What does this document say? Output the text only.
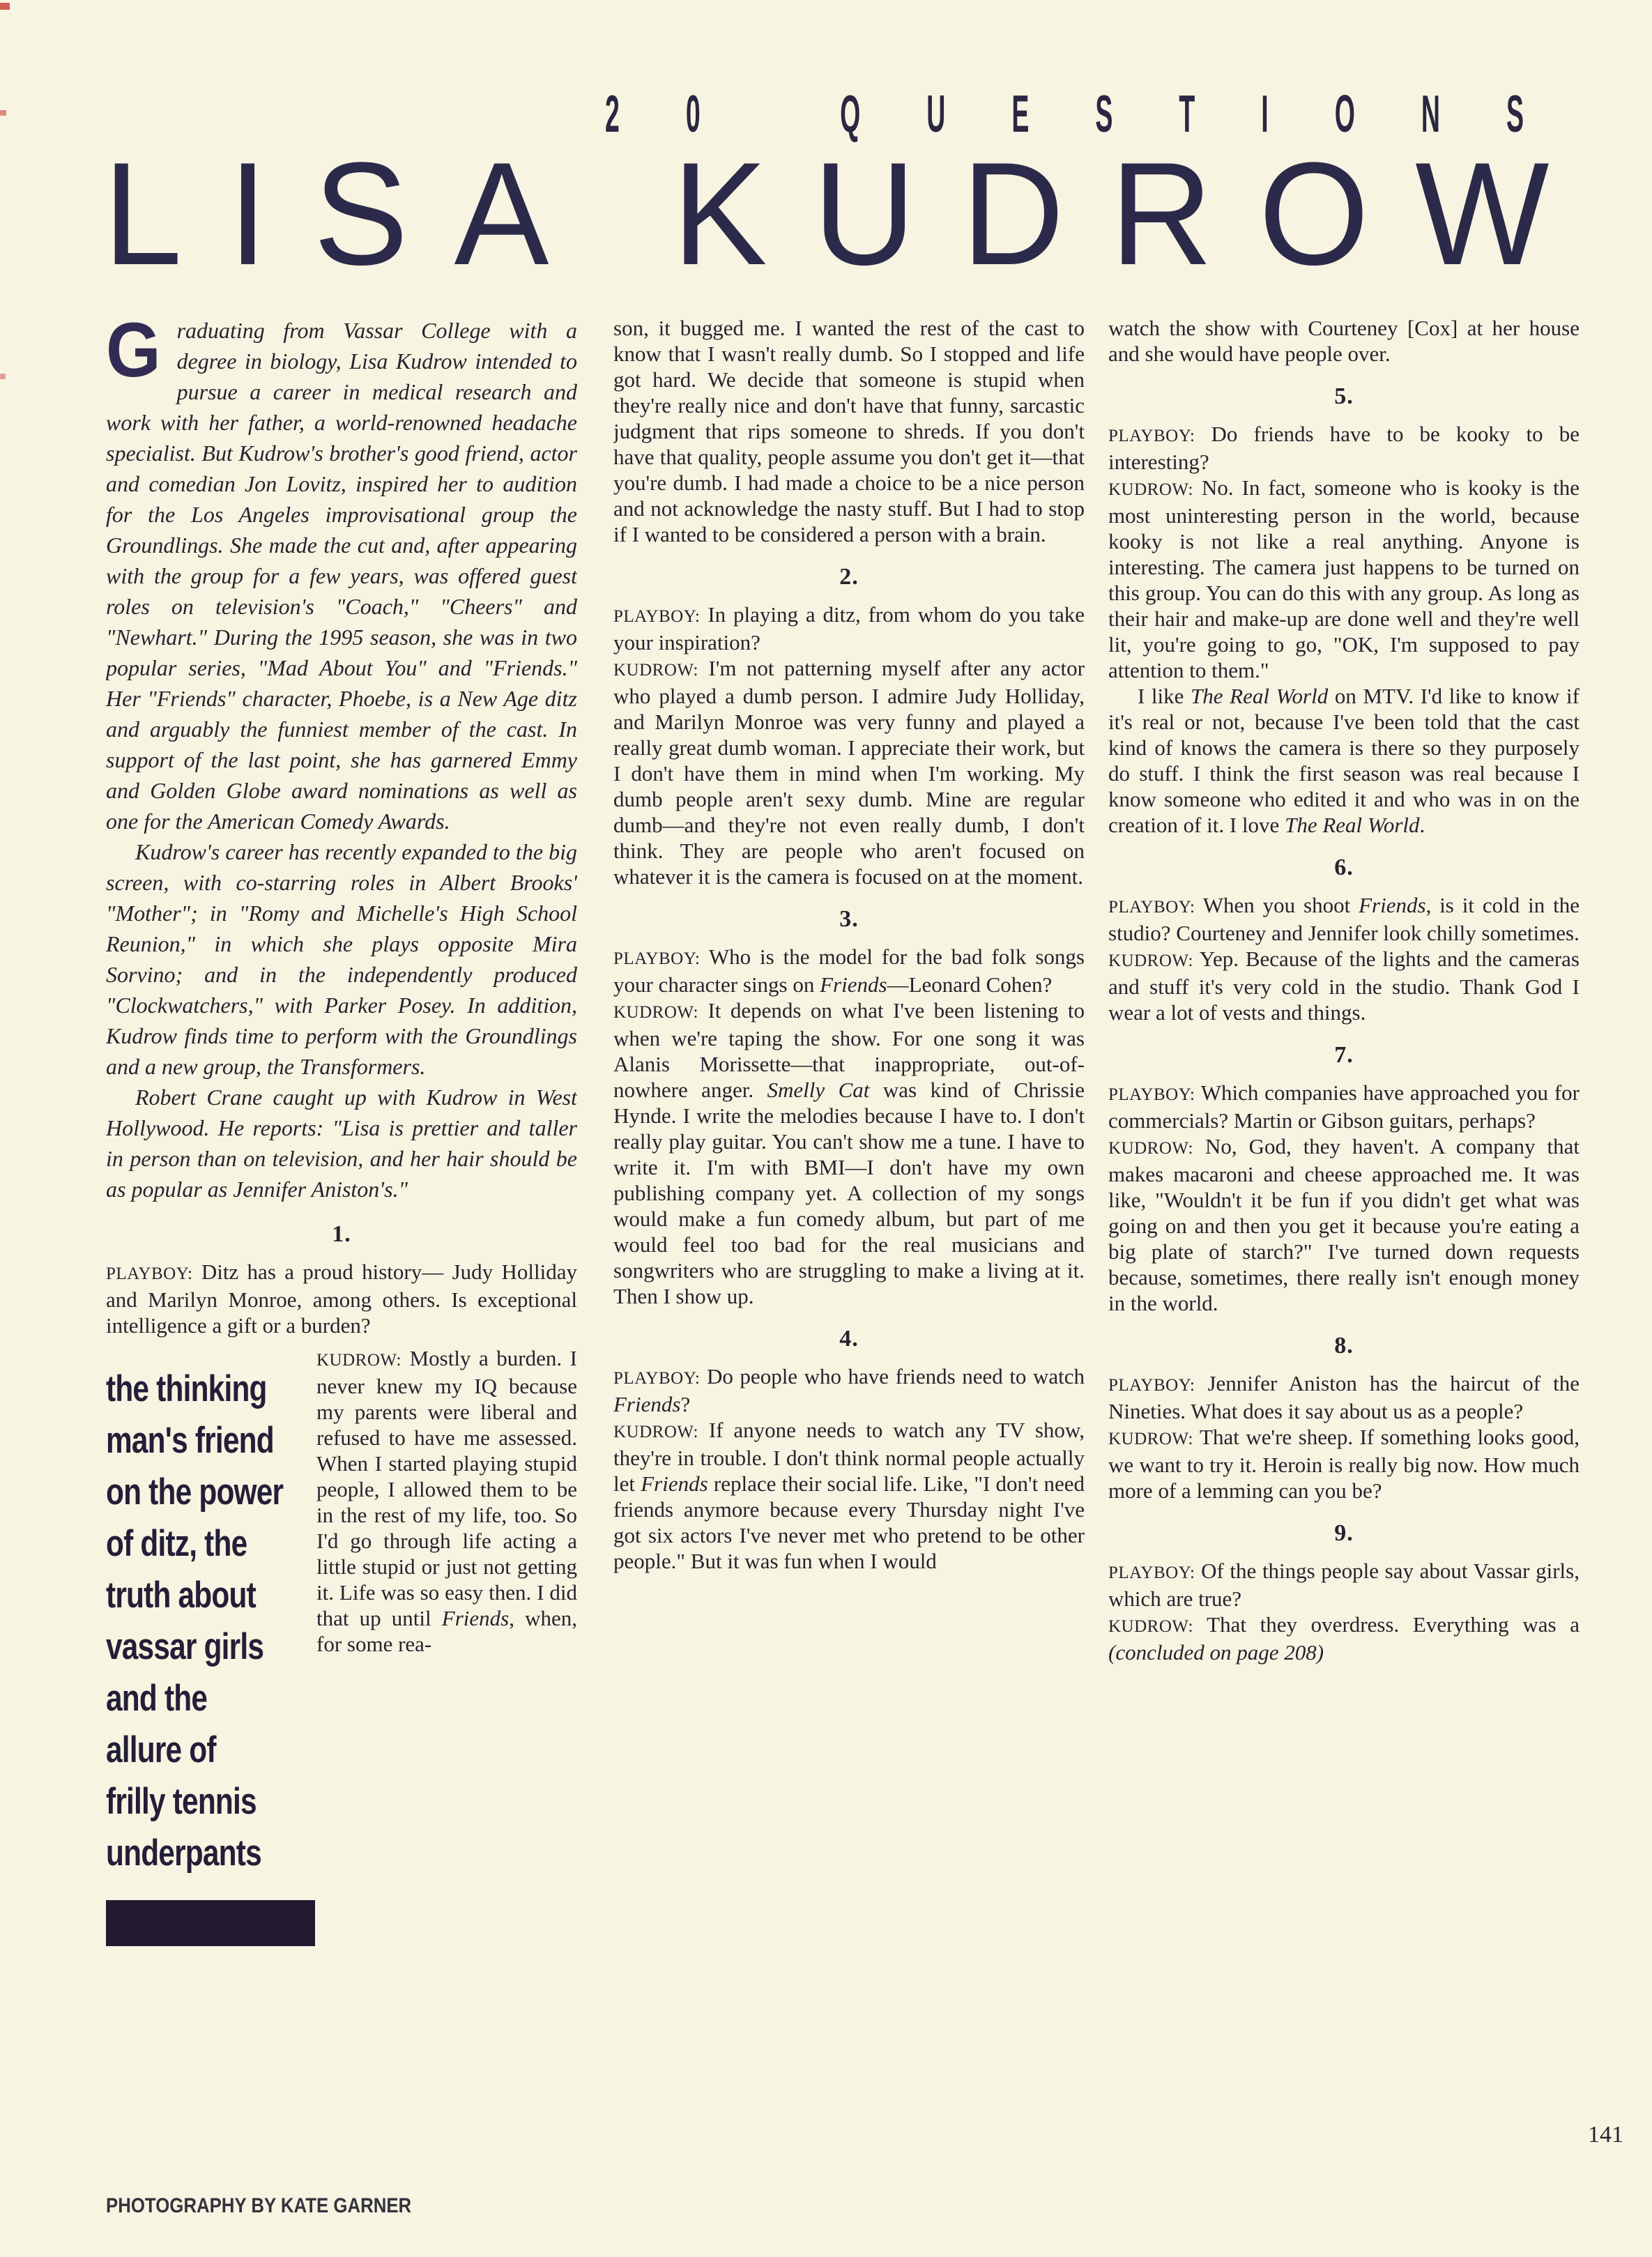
20 QUESTIONS
LISA KUDROW

Graduating from Vassar College with a degree in biology, Lisa Kudrow intended to pursue a career in medical research and work with her father, a world-renowned headache specialist. But Kudrow's brother's good friend, actor and comedian Jon Lovitz, inspired her to audition for the Los Angeles improvisational group the Groundlings. She made the cut and, after appearing with the group for a few years, was offered guest roles on television's "Coach," "Cheers" and "Newhart." During the 1995 season, she was in two popular series, "Mad About You" and "Friends." Her "Friends" character, Phoebe, is a New Age ditz and arguably the funniest member of the cast. In support of the last point, she has garnered Emmy and Golden Globe award nominations as well as one for the American Comedy Awards.

Kudrow's career has recently expanded to the big screen, with co-starring roles in Albert Brooks' "Mother"; in "Romy and Michelle's High School Reunion," in which she plays opposite Mira Sorvino; and in the independently produced "Clockwatchers," with Parker Posey. In addition, Kudrow finds time to perform with the Groundlings and a new group, the Transformers.

Robert Crane caught up with Kudrow in West Hollywood. He reports: "Lisa is prettier and taller in person than on television, and her hair should be as popular as Jennifer Aniston's."

1.

PLAYBOY: Ditz has a proud history— Judy Holliday and Marilyn Monroe, among others. Is exceptional intelligence a gift or a burden?

the thinking
man's friend
on the power
of ditz, the
truth about
vassar girls
and the
allure of
frilly tennis
underpants

KUDROW: Mostly a burden. I never knew my IQ because my parents were liberal and refused to have me assessed. When I started playing stupid people, I allowed them to be in the rest of my life, too. So I'd go through life acting a little stupid or just not getting it. Life was so easy then. I did that up until Friends, when, for some rea-

son, it bugged me. I wanted the rest of the cast to know that I wasn't really dumb. So I stopped and life got hard. We decide that someone is stupid when they're really nice and don't have that funny, sarcastic judgment that rips someone to shreds. If you don't have that quality, people assume you don't get it—that you're dumb. I had made a choice to be a nice person and not acknowledge the nasty stuff. But I had to stop if I wanted to be considered a person with a brain.

2.

PLAYBOY: In playing a ditz, from whom do you take your inspiration?

KUDROW: I'm not patterning myself after any actor who played a dumb person. I admire Judy Holliday, and Marilyn Monroe was very funny and played a really great dumb woman. I appreciate their work, but I don't have them in mind when I'm working. My dumb people aren't sexy dumb. Mine are regular dumb—and they're not even really dumb, I don't think. They are people who aren't focused on whatever it is the camera is focused on at the moment.

3.

PLAYBOY: Who is the model for the bad folk songs your character sings on Friends—Leonard Cohen?

KUDROW: It depends on what I've been listening to when we're taping the show. For one song it was Alanis Morissette—that inappropriate, out-of-nowhere anger. Smelly Cat was kind of Chrissie Hynde. I write the melodies because I have to. I don't really play guitar. You can't show me a tune. I have to write it. I'm with BMI—I don't have my own publishing company yet. A collection of my songs would make a fun comedy album, but part of me would feel too bad for the real musicians and songwriters who are struggling to make a living at it. Then I show up.

4.

PLAYBOY: Do people who have friends need to watch Friends?

KUDROW: If anyone needs to watch any TV show, they're in trouble. I don't think normal people actually let Friends replace their social life. Like, "I don't need friends anymore because every Thursday night I've got six actors I've never met who pretend to be other people." But it was fun when I would

watch the show with Courteney [Cox] at her house and she would have people over.

5.

PLAYBOY: Do friends have to be kooky to be interesting?

KUDROW: No. In fact, someone who is kooky is the most uninteresting person in the world, because kooky is not like a real anything. Anyone is interesting. The camera just happens to be turned on this group. You can do this with any group. As long as their hair and make-up are done well and they're well lit, you're going to go, "OK, I'm supposed to pay attention to them."

I like The Real World on MTV. I'd like to know if it's real or not, because I've been told that the cast kind of knows the camera is there so they purposely do stuff. I think the first season was real because I know someone who edited it and who was in on the creation of it. I love The Real World.

6.

PLAYBOY: When you shoot Friends, is it cold in the studio? Courteney and Jennifer look chilly sometimes.

KUDROW: Yep. Because of the lights and the cameras and stuff it's very cold in the studio. Thank God I wear a lot of vests and things.

7.

PLAYBOY: Which companies have approached you for commercials? Martin or Gibson guitars, perhaps?

KUDROW: No, God, they haven't. A company that makes macaroni and cheese approached me. It was like, "Wouldn't it be fun if you didn't get what was going on and then you get it because you're eating a big plate of starch?" I've turned down requests because, sometimes, there really isn't enough money in the world.

8.

PLAYBOY: Jennifer Aniston has the haircut of the Nineties. What does it say about us as a people?

KUDROW: That we're sheep. If something looks good, we want to try it. Heroin is really big now. How much more of a lemming can you be?

9.

PLAYBOY: Of the things people say about Vassar girls, which are true?

KUDROW: That they overdress. Everything was a (concluded on page 208)

PHOTOGRAPHY BY KATE GARNER
141
